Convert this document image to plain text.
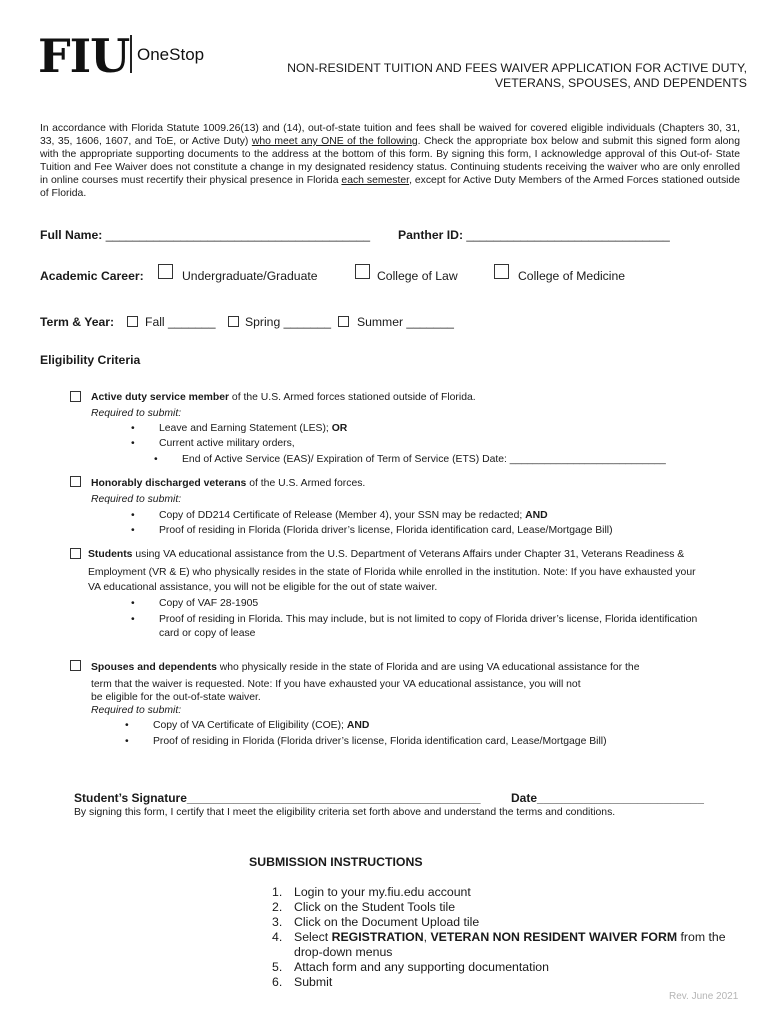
FIU OneStop
NON-RESIDENT TUITION AND FEES WAIVER APPLICATION FOR ACTIVE DUTY,
VETERANS, SPOUSES, AND DEPENDENTS
In accordance with Florida Statute 1009.26(13) and (14), out-of-state tuition and fees shall be waived for covered eligible individuals (Chapters 30, 31, 33, 35, 1606, 1607, and ToE, or Active Duty) who meet any ONE of the following. Check the appropriate box below and submit this signed form along with the appropriate supporting documents to the address at the bottom of this form. By signing this form, I acknowledge approval of this Out-of- State Tuition and Fee Waiver does not constitute a change in my designated residency status. Continuing students receiving the waiver who are only enrolled in online courses must recertify their physical presence in Florida each semester, except for Active Duty Members of the Armed Forces stationed outside of Florida.
Full Name: _______________________________________ Panther ID: ______________________________
Academic Career:	Undergraduate/Graduate	College of Law	College of Medicine
Term & Year:	Fall _______ Spring _______ Summer _______
Eligibility Criteria
Active duty service member of the U.S. Armed forces stationed outside of Florida.
Required to submit:
• Leave and Earning Statement (LES); OR
• Current active military orders,
• End of Active Service (EAS)/ Expiration of Term of Service (ETS) Date: ___________________________
Honorably discharged veterans of the U.S. Armed forces.
Required to submit:
• Copy of DD214 Certificate of Release (Member 4), your SSN may be redacted; AND
• Proof of residing in Florida (Florida driver’s license, Florida identification card, Lease/Mortgage Bill)
Students using VA educational assistance from the U.S. Department of Veterans Affairs under Chapter 31, Veterans Readiness &
Employment (VR & E) who physically resides in the state of Florida while enrolled in the institution. Note: If you have exhausted your
VA educational assistance, you will not be eligible for the out of state waiver.
• Copy of VAF 28-1905
• Proof of residing in Florida. This may include, but is not limited to copy of Florida driver’s license, Florida identification
card or copy of lease
Spouses and dependents who physically reside in the state of Florida and are using VA educational assistance for the
term that the waiver is requested. Note: If you have exhausted your VA educational assistance, you will not
be eligible for the out-of-state waiver.
Required to submit:
• Copy of VA Certificate of Eligibility (COE); AND
• Proof of residing in Florida (Florida driver’s license, Florida identification card, Lease/Mortgage Bill)
Student’s Signature____________________________________________	Date_________________________
By signing this form, I certify that I meet the eligibility criteria set forth above and understand the terms and conditions.
SUBMISSION INSTRUCTIONS
1. Login to your my.fiu.edu account
2. Click on the Student Tools tile
3. Click on the Document Upload tile
4. Select REGISTRATION, VETERAN NON RESIDENT WAIVER FORM from the
drop-down menus
5. Attach form and any supporting documentation
6. Submit
Rev. June 2021
